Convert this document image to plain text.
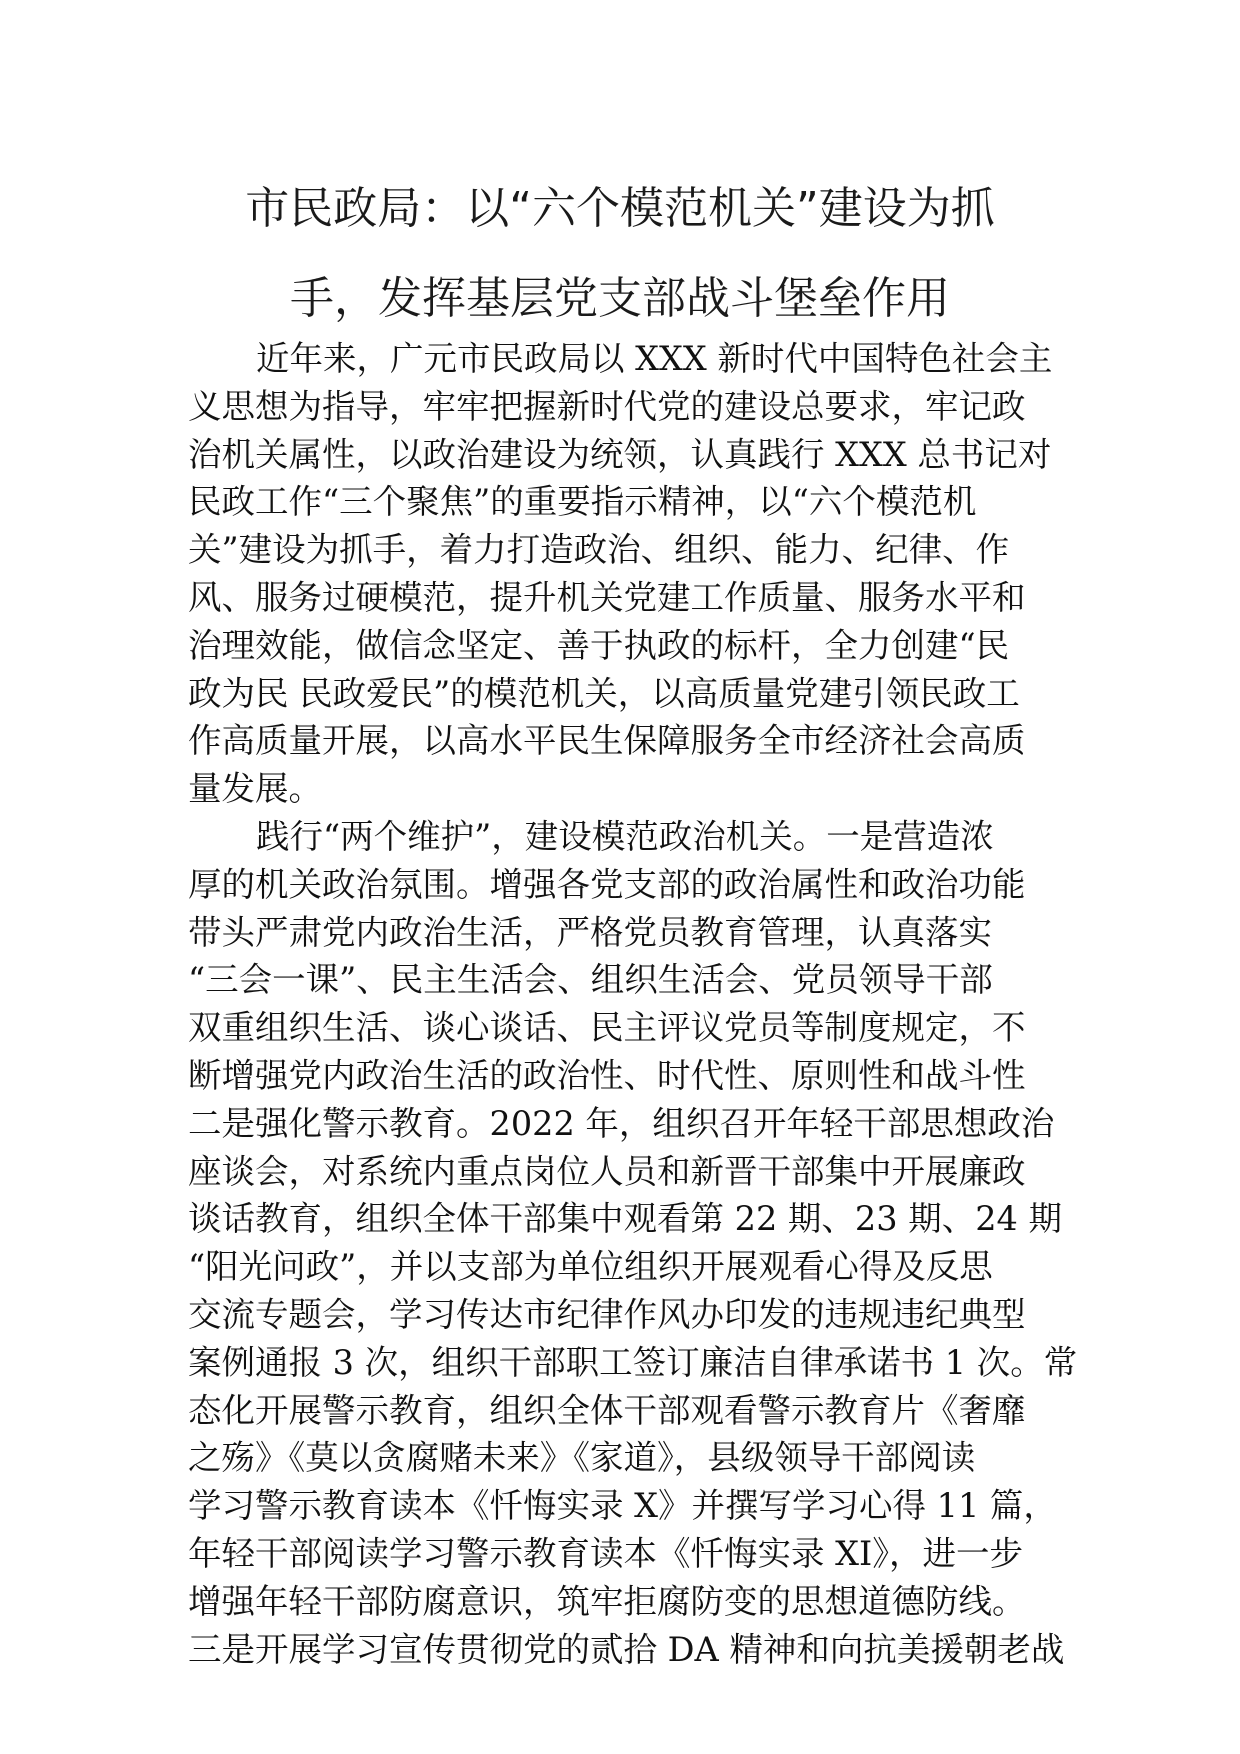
市民政局：以“六个模范机关”建设为抓
手，发挥基层党支部战斗堡垒作用
近年来，广元市民政局以 XXX 新时代中国特色社会主
义思想为指导，牢牢把握新时代党的建设总要求，牢记政
治机关属性，以政治建设为统领，认真践行 XXX 总书记对
民政工作“三个聚焦”的重要指示精神，以“六个模范机
关”建设为抓手，着力打造政治、组织、能力、纪律、作
风、服务过硬模范，提升机关党建工作质量、服务水平和
治理效能，做信念坚定、善于执政的标杆，全力创建“民
政为民 民政爱民”的模范机关，以高质量党建引领民政工
作高质量开展，以高水平民生保障服务全市经济社会高质
量发展。
践行“两个维护”，建设模范政治机关。一是营造浓
厚的机关政治氛围。增强各党支部的政治属性和政治功能
带头严肃党内政治生活，严格党员教育管理，认真落实
“三会一课”、民主生活会、组织生活会、党员领导干部
双重组织生活、谈心谈话、民主评议党员等制度规定，不
断增强党内政治生活的政治性、时代性、原则性和战斗性
二是强化警示教育。2022 年，组织召开年轻干部思想政治
座谈会，对系统内重点岗位人员和新晋干部集中开展廉政
谈话教育，组织全体干部集中观看第 22 期、23 期、24 期
“阳光问政”，并以支部为单位组织开展观看心得及反思
交流专题会，学习传达市纪律作风办印发的违规违纪典型
案例通报 3 次，组织干部职工签订廉洁自律承诺书 1 次。常
态化开展警示教育，组织全体干部观看警示教育片《奢靡
之殇》《莫以贪腐赌未来》《家道》，县级领导干部阅读
学习警示教育读本《忏悔实录 X》并撰写学习心得 11 篇，
年轻干部阅读学习警示教育读本《忏悔实录 XI》，进一步
增强年轻干部防腐意识，筑牢拒腐防变的思想道德防线。
三是开展学习宣传贯彻党的贰拾 DA 精神和向抗美援朝老战
